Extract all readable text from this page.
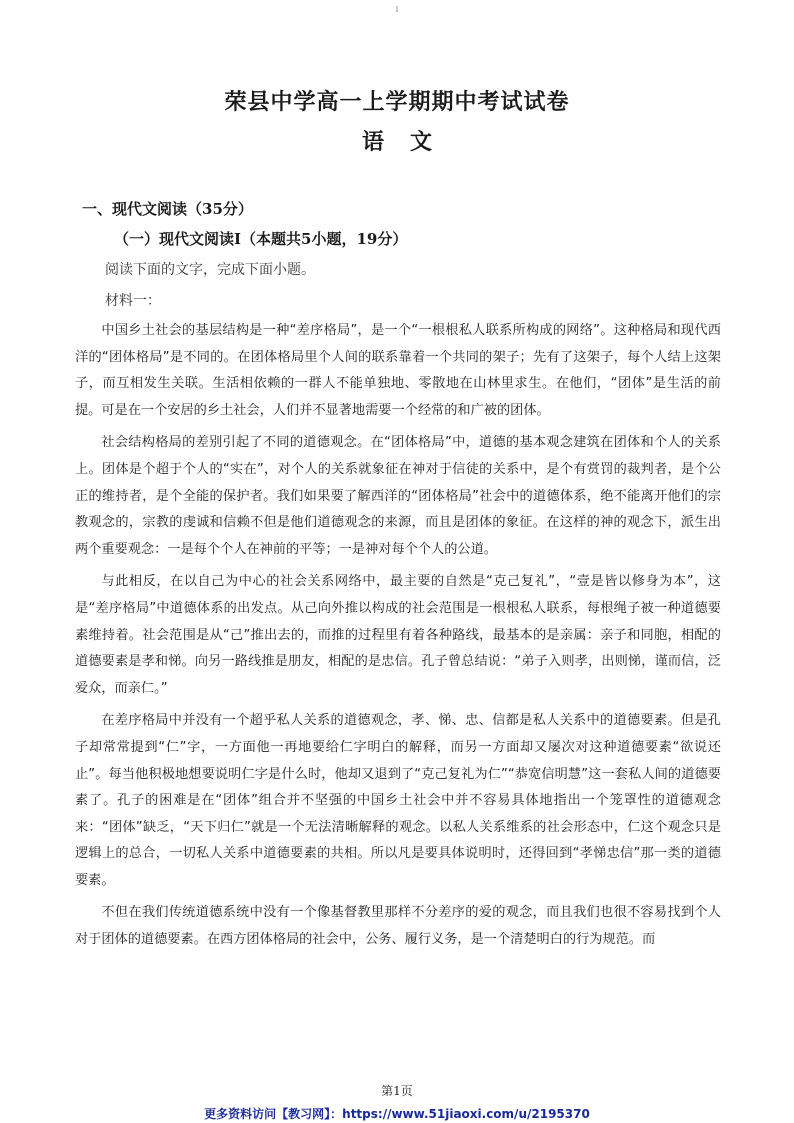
I
荣县中学高一上学期期中考试试卷
语文
一、现代文阅读（35分）
（一）现代文阅读Ⅰ（本题共5小题，19分）
阅读下面的文字，完成下面小题。
材料一：

中国乡土社会的基层结构是一种“差序格局”，是一个“一根根私人联系所构成的网络”。这种格局和现代西洋的“团体格局”是不同的。在团体格局里个人间的联系靠着一个共同的架子；先有了这架子，每个人结上这架子，而互相发生关联。生活相依赖的一群人不能单独地、零散地在山林里求生。在他们，“团体”是生活的前提。可是在一个安居的乡土社会，人们并不显著地需要一个经常的和广被的团体。

社会结构格局的差别引起了不同的道德观念。在“团体格局”中，道德的基本观念建筑在团体和个人的关系上。团体是个超于个人的“实在”，对个人的关系就象征在神对于信徒的关系中，是个有赏罚的裁判者，是个公正的维持者，是个全能的保护者。我们如果要了解西洋的“团体格局”社会中的道德体系，绝不能离开他们的宗教观念的，宗教的虔诚和信赖不但是他们道德观念的来源，而且是团体的象征。在这样的神的观念下，派生出两个重要观念：一是每个个人在神前的平等；一是神对每个个人的公道。

与此相反，在以自己为中心的社会关系网络中，最主要的自然是“克己复礼”，“壹是皆以修身为本”，这是“差序格局”中道德体系的出发点。从己向外推以构成的社会范围是一根根私人联系，每根绳子被一种道德要素维持着。社会范围是从“己”推出去的，而推的过程里有着各种路线，最基本的是亲属：亲子和同胞，相配的道德要素是孝和悌。向另一路线推是朋友，相配的是忠信。孔子曾总结说：“弟子入则孝，出则悌，谨而信，泛爱众，而亲仁。”

在差序格局中并没有一个超乎私人关系的道德观念，孝、悌、忠、信都是私人关系中的道德要素。但是孔子却常常提到“仁”字，一方面他一再地要给仁字明白的解释，而另一方面却又屡次对这种道德要素“欲说还止”。每当他积极地想要说明仁字是什么时，他却又退到了“克己复礼为仁”“恭宽信明慧”这一套私人间的道德要素了。孔子的困难是在“团体”组合并不坚强的中国乡土社会中并不容易具体地指出一个笼罩性的道德观念来：“团体”缺乏，“天下归仁”就是一个无法清晰解释的观念。以私人关系维系的社会形态中，仁这个观念只是逻辑上的总合，一切私人关系中道德要素的共相。所以凡是要具体说明时，还得回到“孝悌忠信”那一类的道德要素。

不但在我们传统道德系统中没有一个像基督教里那样不分差序的爱的观念，而且我们也很不容易找到个人对于团体的道德要素。在西方团体格局的社会中，公务、履行义务，是一个清楚明白的行为规范。而

第1页
更多资料访问【教习网】：https://www.51jiaoxi.com/u/2195370
